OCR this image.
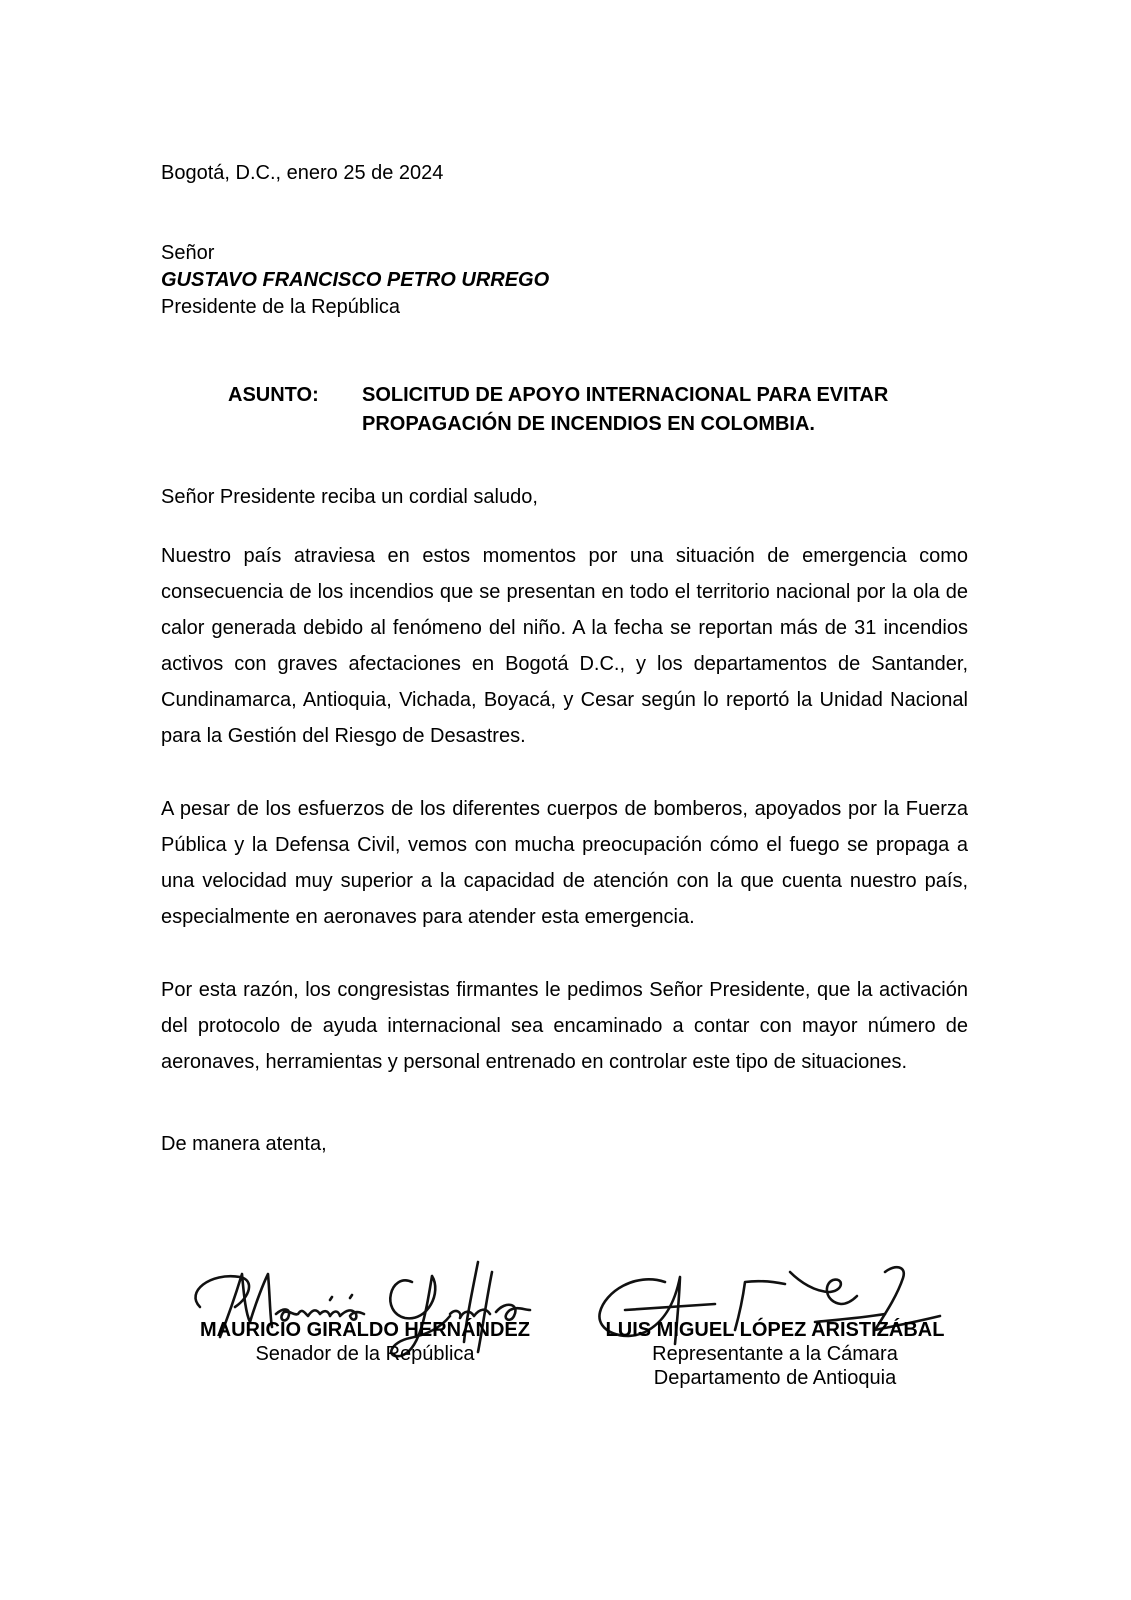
Bogotá, D.C., enero 25 de 2024
Señor
GUSTAVO FRANCISCO PETRO URREGO
Presidente de la República
ASUNTO: SOLICITUD DE APOYO INTERNACIONAL PARA EVITAR
PROPAGACIÓN DE INCENDIOS EN COLOMBIA.
Señor Presidente reciba un cordial saludo,
Nuestro país atraviesa en estos momentos por una situación de emergencia como consecuencia de los incendios que se presentan en todo el territorio nacional por la ola de calor generada debido al fenómeno del niño. A la fecha se reportan más de 31 incendios activos con graves afectaciones en Bogotá D.C., y los departamentos de Santander, Cundinamarca, Antioquia, Vichada, Boyacá, y Cesar según lo reportó la Unidad Nacional para la Gestión del Riesgo de Desastres.
A pesar de los esfuerzos de los diferentes cuerpos de bomberos, apoyados por la Fuerza Pública y la Defensa Civil, vemos con mucha preocupación cómo el fuego se propaga a una velocidad muy superior a la capacidad de atención con la que cuenta nuestro país, especialmente en aeronaves para atender esta emergencia.
Por esta razón, los congresistas firmantes le pedimos Señor Presidente, que la activación del protocolo de ayuda internacional sea encaminado a contar con mayor número de aeronaves, herramientas y personal entrenado en controlar este tipo de situaciones.
De manera atenta,
MAURICIO GIRALDO HERNÁNDEZ
Senador de la República
LUIS MIGUEL LÓPEZ ARISTIZÁBAL
Representante a la Cámara
Departamento de Antioquia
